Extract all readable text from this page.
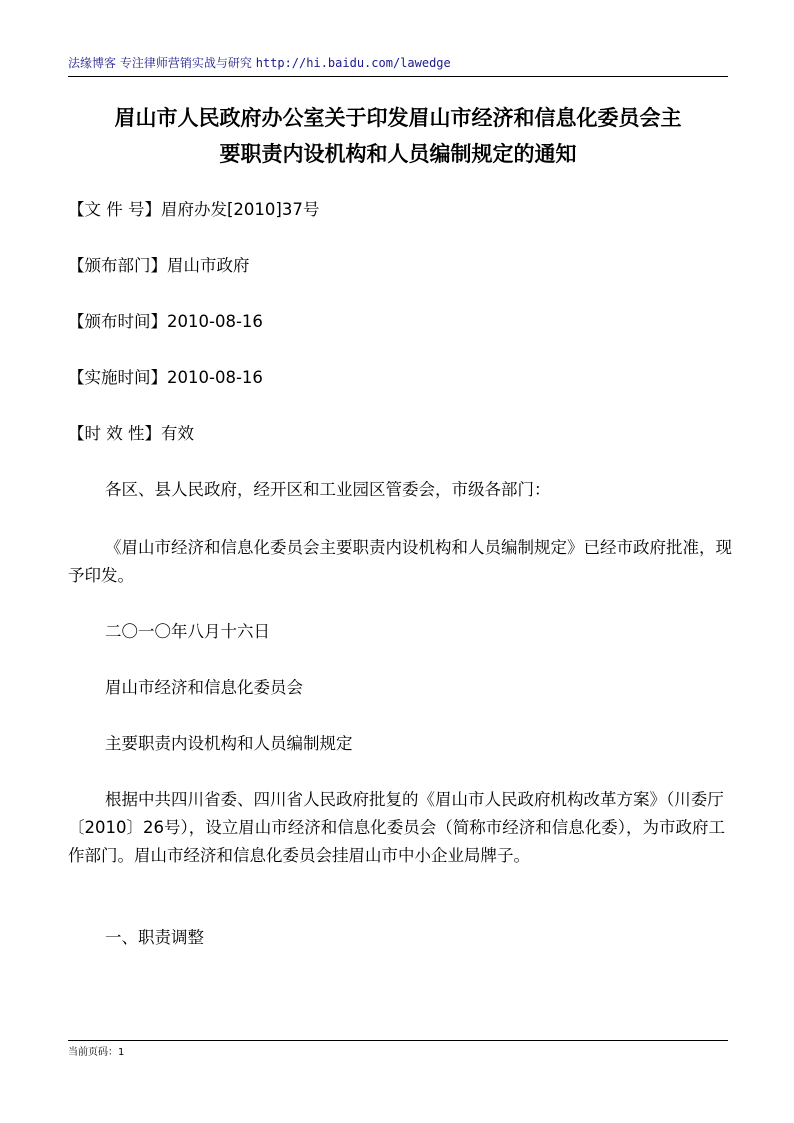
法缘博客 专注律师营销实战与研究 http://hi.baidu.com/lawedge
眉山市人民政府办公室关于印发眉山市经济和信息化委员会主
要职责内设机构和人员编制规定的通知
【文 件 号】眉府办发[2010]37号
【颁布部门】眉山市政府
【颁布时间】2010-08-16
【实施时间】2010-08-16
【时 效 性】有效
各区、县人民政府，经开区和工业园区管委会，市级各部门：
《眉山市经济和信息化委员会主要职责内设机构和人员编制规定》已经市政府批准，现予印发。
二〇一〇年八月十六日
眉山市经济和信息化委员会
主要职责内设机构和人员编制规定
根据中共四川省委、四川省人民政府批复的《眉山市人民政府机构改革方案》（川委厅〔2010〕26号），设立眉山市经济和信息化委员会（简称市经济和信息化委），为市政府工作部门。眉山市经济和信息化委员会挂眉山市中小企业局牌子。
一、职责调整
当前页码：1
